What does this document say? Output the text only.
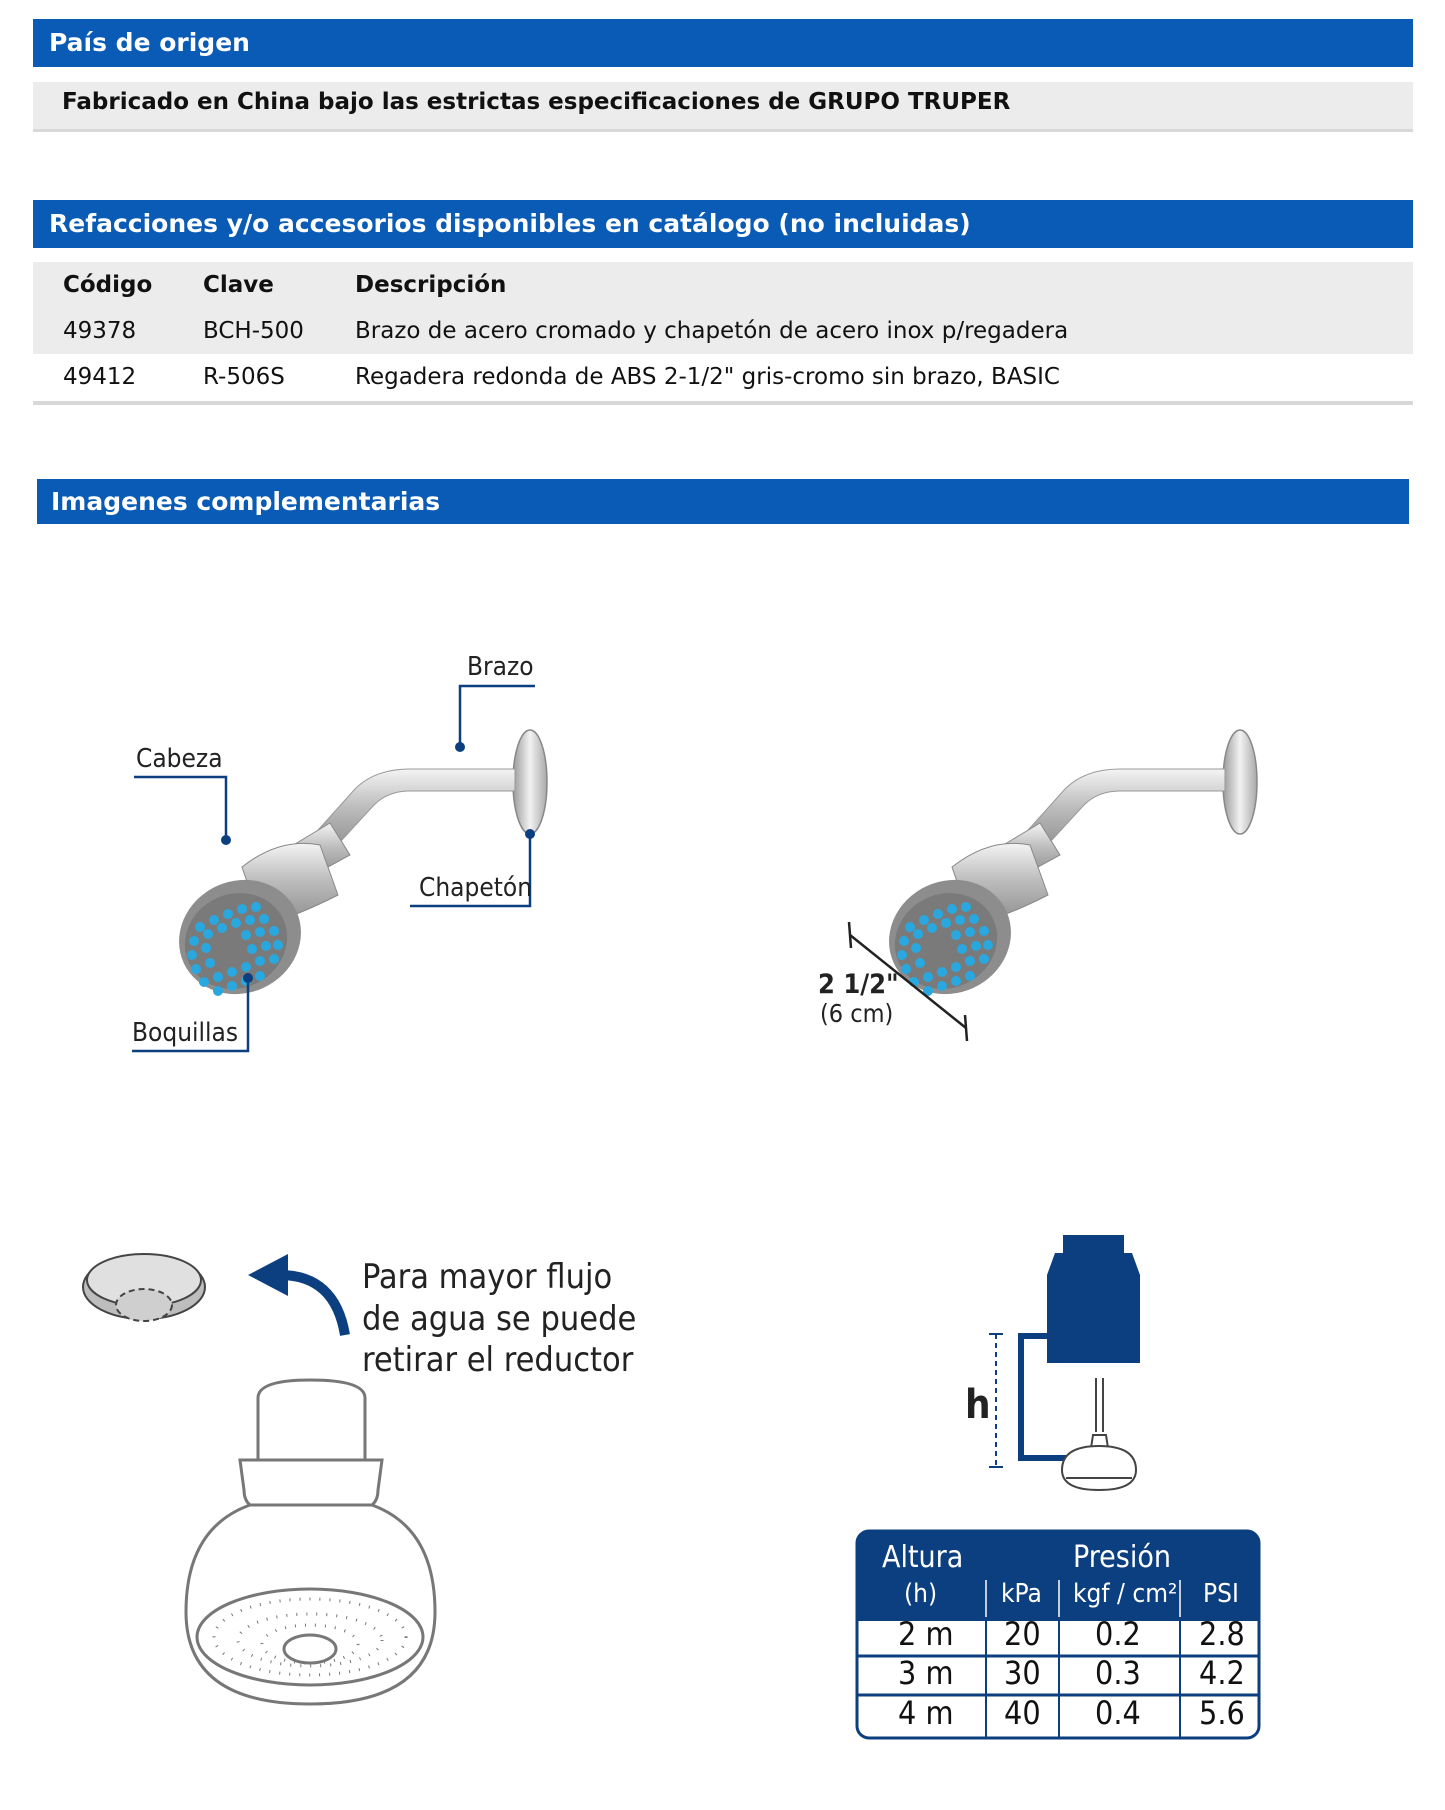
País de origen
Fabricado en China bajo las estrictas especificaciones de GRUPO TRUPER
Refacciones y/o accesorios disponibles en catálogo (no incluidas)
Código Clave	Descripción
49378	BCH-500 Brazo de acero cromado y chapetón de acero inox p/regadera
49412	R-506S	Regadera redonda de ABS 2-1/2" gris-cromo sin brazo, BASIC
Imagenes complementarias
Brazo
Cabeza
Chapetón
Boquillas
2 1/2"
(6 cm)
Para mayor flujo
de agua se puede
retirar el reductor
h
Altura
(h)
Presión
kPa kgf / cm² PSI
2 m 20 0.2 2.8
3 m 30 0.3 4.2
4 m 40 0.4 5.6
